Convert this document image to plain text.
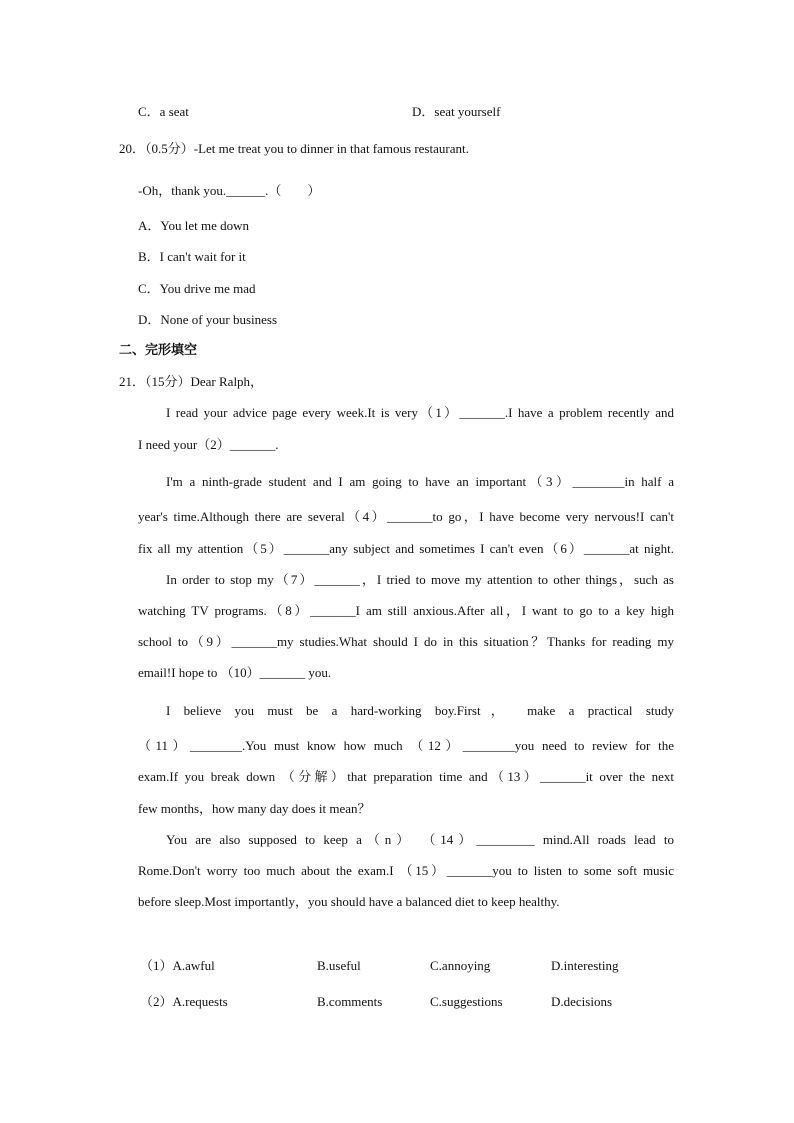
C．a seat	D．seat yourself
20．（0.5分）-Let me treat you to dinner in that famous restaurant.
-Oh，thank you.______.（　　）
A．You let me down
B．I can't wait for it
C．You drive me mad
D．None of your business
二、完形填空
21．（15分）Dear Ralph，
I read your advice page every week.It is very（1）_______.I have a problem recently and
I need your（2）_______.
I'm a ninth-grade student and I am going to have an important（3）________in half a
year's time.Although there are several（4）_______to go，I have become very nervous!I can't
fix all my attention（5）_______any subject and sometimes I can't even（6）_______at night.
In order to stop my（7）_______，I tried to move my attention to other things，such as
watching TV programs.（8）_______I am still anxious.After all，I want to go to a key high
school to（9）_______my studies.What should I do in this situation？Thanks for reading my
email!I hope to （10）_______ you.
I believe you must be a hard-working boy.First， make a practical study
（11）________.You must know how much （12）________you need to review for the
exam.If you break down （分解）that preparation time and（13）_______it over the next
few months，how many day does it mean？
You are also supposed to keep a（n） （14）_________ mind.All roads lead to
Rome.Don't worry too much about the exam.I （15）_______you to listen to some soft music
before sleep.Most importantly，you should have a balanced diet to keep healthy.
（1）A.awful	B.useful	C.annoying	D.interesting
（2）A.requests	B.comments	C.suggestions	D.decisions
